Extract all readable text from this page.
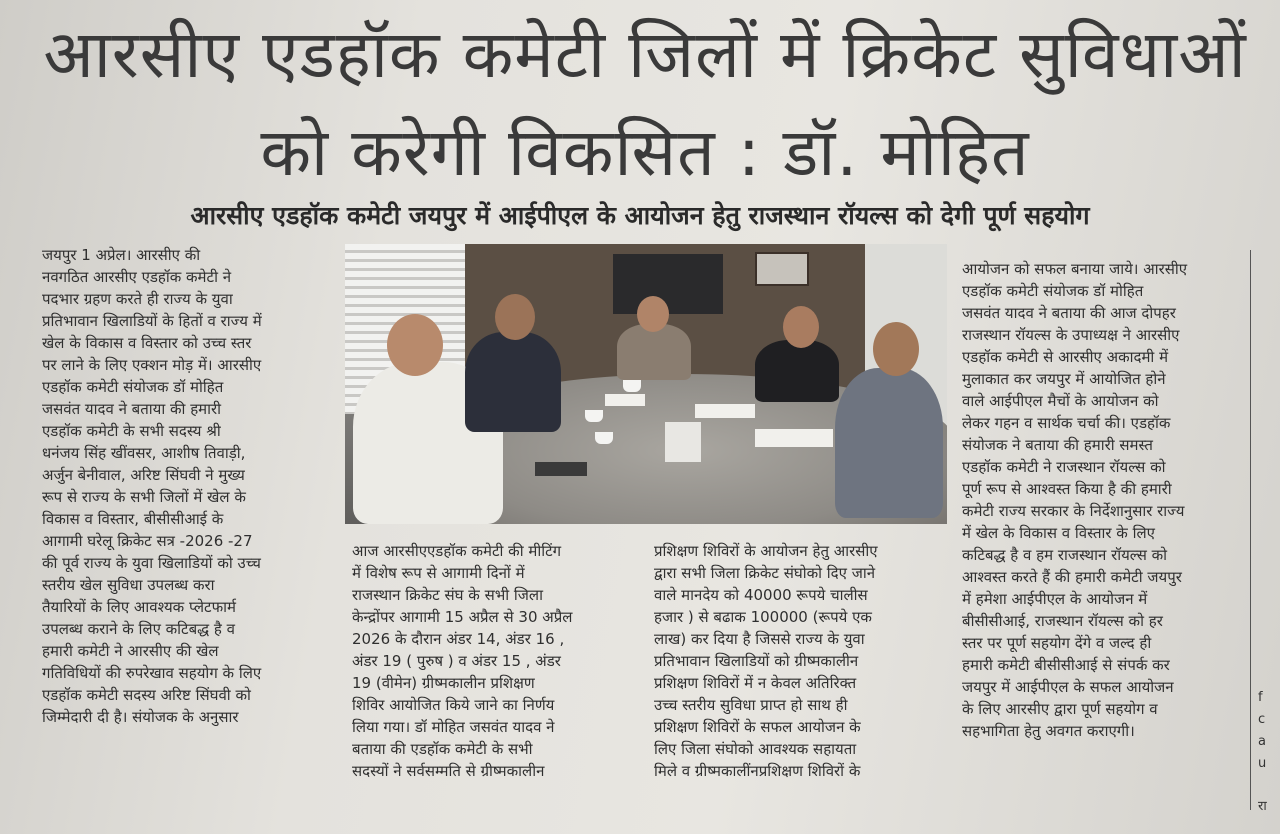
आरसीए एडहॉक कमेटी जिलों में क्रिकेट सुविधाओं
को करेगी विकसित : डॉ. मोहित
आरसीए एडहॉक कमेटी जयपुर में आईपीएल के आयोजन हेतु राजस्थान रॉयल्स को देगी पूर्ण सहयोग

जयपुर 1 अप्रेल। आरसीए की

नवगठित आरसीए एडहॉक कमेटी ने

पदभार ग्रहण करते ही राज्य के युवा

प्रतिभावान खिलाडियों के हितों व राज्य में

खेल के विकास व विस्तार को उच्च स्तर

पर लाने के लिए एक्शन मोड़ में। आरसीए

एडहॉक कमेटी संयोजक डॉ मोहित

जसवंत यादव ने बताया की हमारी

एडहॉक कमेटी के सभी सदस्य श्री

धनंजय सिंह खींवसर, आशीष तिवाड़ी,

अर्जुन बेनीवाल, अरिष्ट सिंघवी ने मुख्य

रूप से राज्य के सभी जिलों में खेल के

विकास व विस्तार, बीसीसीआई के

आगामी घरेलू क्रिकेट सत्र -2026 -27

की पूर्व राज्य के युवा खिलाडियों को उच्च

स्तरीय खेल सुविधा उपलब्ध करा

तैयारियों के लिए आवश्यक प्लेटफार्म

उपलब्ध कराने के लिए कटिबद्ध है व

हमारी कमेटी ने आरसीए की खेल

गतिविधियों की रुपरेखाव सहयोग के लिए

एडहॉक कमेटी सदस्य अरिष्ट सिंघवी को

जिम्मेदारी दी है। संयोजक के अनुसार

आज आरसीएएडहॉक कमेटी की मीटिंग

में विशेष रूप से आगामी दिनों में

राजस्थान क्रिकेट संघ के सभी जिला

केन्द्रोंपर आगामी 15 अप्रैल से 30 अप्रैल

2026 के दौरान अंडर 14, अंडर 16 ,

अंडर 19 ( पुरुष ) व अंडर 15 , अंडर

19 (वीमेन) ग्रीष्मकालीन प्रशिक्षण

शिविर आयोजित किये जाने का निर्णय

लिया गया। डॉ मोहित जसवंत यादव ने

बताया की एडहॉक कमेटी के सभी

सदस्यों ने सर्वसम्मति से ग्रीष्मकालीन

प्रशिक्षण शिविरों के आयोजन हेतु आरसीए

द्वारा सभी जिला क्रिकेट संघोको दिए जाने

वाले मानदेय को 40000 रूपये चालीस

हजार ) से बढाक 100000 (रूपये एक

लाख) कर दिया है जिससे राज्य के युवा

प्रतिभावान खिलाडियों को ग्रीष्मकालीन

प्रशिक्षण शिविरों में न केवल अतिरिक्त

उच्च स्तरीय सुविधा प्राप्त हो साथ ही

प्रशिक्षण शिविरों के सफल आयोजन के

लिए जिला संघोको आवश्यक सहायता

मिले व ग्रीष्मकालींनप्रशिक्षण शिविरों के

आयोजन को सफल बनाया जाये। आरसीए

एडहॉक कमेटी संयोजक डॉ मोहित

जसवंत यादव ने बताया की आज दोपहर

राजस्थान रॉयल्स के उपाध्यक्ष ने आरसीए

एडहॉक कमेटी से आरसीए अकादमी में

मुलाकात कर जयपुर में आयोजित होने

वाले आईपीएल मैचों के आयोजन को

लेकर गहन व सार्थक चर्चा की। एडहॉक

संयोजक ने बताया की हमारी समस्त

एडहॉक कमेटी ने राजस्थान रॉयल्स को

पूर्ण रूप से आश्वस्त किया है की हमारी

कमेटी राज्य सरकार के निर्देशानुसार राज्य

में खेल के विकास व विस्तार के लिए

कटिबद्ध है व हम राजस्थान रॉयल्स को

आश्वस्त करते हैं की हमारी कमेटी जयपुर

में हमेशा आईपीएल के आयोजन में

बीसीसीआई, राजस्थान रॉयल्स को हर

स्तर पर पूर्ण सहयोग देंगे व जल्द ही

हमारी कमेटी बीसीसीआई से संपर्क कर

जयपुर में आईपीएल के सफल आयोजन

के लिए आरसीए द्वारा पूर्ण सहयोग व

सहभागिता हेतु अवगत कराएगी।

f
c
a
u
रा
